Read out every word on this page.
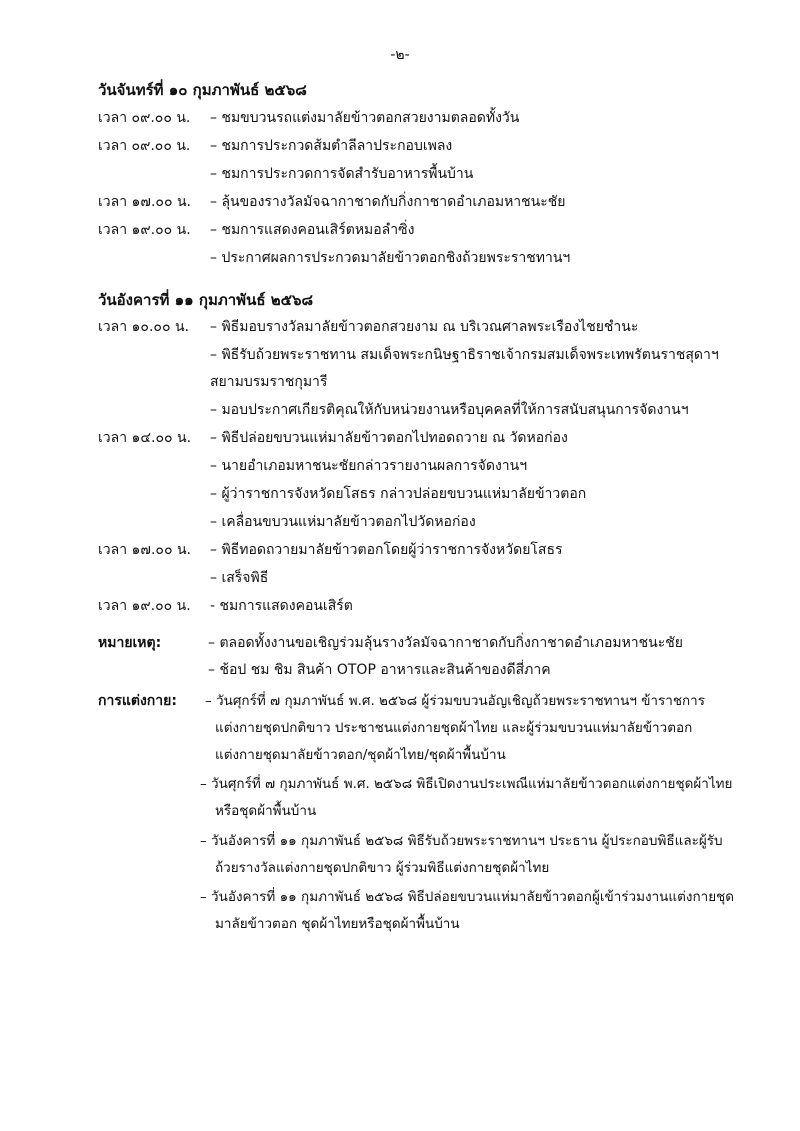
-๒-
วันจันทร์ที่ ๑๐ กุมภาพันธ์ ๒๕๖๘
เวลา ๐๙.๐๐ น. – ชมขบวนรถแต่งมาลัยข้าวตอกสวยงามตลอดทั้งวัน
เวลา ๐๙.๐๐ น. – ชมการประกวดส้มตำลีลาประกอบเพลง
– ชมการประกวดการจัดสำรับอาหารพื้นบ้าน
เวลา ๑๗.๐๐ น. – ลุ้นของรางวัลมัจฉากาชาดกับกิ่งกาชาดอำเภอมหาชนะชัย
เวลา ๑๙.๐๐ น. – ชมการแสดงคอนเสิร์ตหมอลำซิ่ง
– ประกาศผลการประกวดมาลัยข้าวตอกชิงถ้วยพระราชทานฯ
วันอังคารที่ ๑๑ กุมภาพันธ์ ๒๕๖๘
เวลา ๑๐.๐๐ น. – พิธีมอบรางวัลมาลัยข้าวตอกสวยงาม ณ บริเวณศาลพระเรืองไชยชำนะ
– พิธีรับถ้วยพระราชทาน สมเด็จพระกนิษฐาธิราชเจ้ากรมสมเด็จพระเทพรัตนราชสุดาฯ
สยามบรมราชกุมารี
– มอบประกาศเกียรติคุณให้กับหน่วยงานหรือบุคคลที่ให้การสนับสนุนการจัดงานฯ
เวลา ๑๔.๐๐ น. – พิธีปล่อยขบวนแห่มาลัยข้าวตอกไปทอดถวาย ณ วัดหอก่อง
– นายอำเภอมหาชนะชัยกล่าวรายงานผลการจัดงานฯ
– ผู้ว่าราชการจังหวัดยโสธร กล่าวปล่อยขบวนแห่มาลัยข้าวตอก
– เคลื่อนขบวนแห่มาลัยข้าวตอกไปวัดหอก่อง
เวลา ๑๗.๐๐ น. – พิธีทอดถวายมาลัยข้าวตอกโดยผู้ว่าราชการจังหวัดยโสธร
– เสร็จพิธี
เวลา ๑๙.๐๐ น. - ชมการแสดงคอนเสิร์ต
หมายเหตุ:	– ตลอดทั้งงานขอเชิญร่วมลุ้นรางวัลมัจฉากาชาดกับกิ่งกาชาดอำเภอมหาชนะชัย
– ช้อป ชม ชิม สินค้า OTOP อาหารและสินค้าของดีสี่ภาค
การแต่งกาย: – วันศุกร์ที่ ๗ กุมภาพันธ์ พ.ศ. ๒๕๖๘ ผู้ร่วมขบวนอัญเชิญถ้วยพระราชทานฯ ข้าราชการ
แต่งกายชุดปกติขาว ประชาชนแต่งกายชุดผ้าไทย และผู้ร่วมขบวนแห่มาลัยข้าวตอก
แต่งกายชุดมาลัยข้าวตอก/ชุดผ้าไทย/ชุดผ้าพื้นบ้าน
– วันศุกร์ที่ ๗ กุมภาพันธ์ พ.ศ. ๒๕๖๘ พิธีเปิดงานประเพณีแห่มาลัยข้าวตอกแต่งกายชุดผ้าไทย
หรือชุดผ้าพื้นบ้าน
– วันอังคารที่ ๑๑ กุมภาพันธ์ ๒๕๖๘ พิธีรับถ้วยพระราชทานฯ ประธาน ผู้ประกอบพิธีและผู้รับ
ถ้วยรางวัลแต่งกายชุดปกติขาว ผู้ร่วมพิธีแต่งกายชุดผ้าไทย
– วันอังคารที่ ๑๑ กุมภาพันธ์ ๒๕๖๘ พิธีปล่อยขบวนแห่มาลัยข้าวตอกผู้เข้าร่วมงานแต่งกายชุด
มาลัยข้าวตอก ชุดผ้าไทยหรือชุดผ้าพื้นบ้าน
